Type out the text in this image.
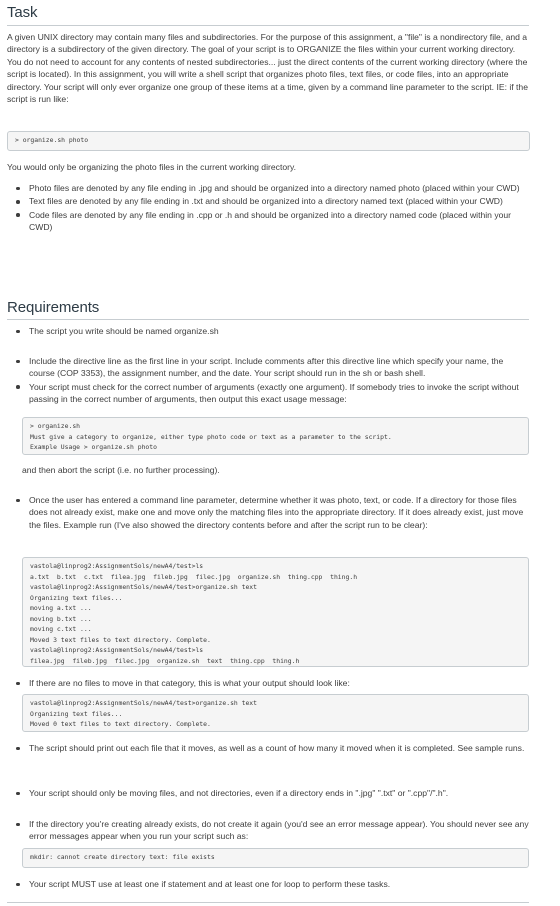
Task

A given UNIX directory may contain many files and subdirectories. For the purpose of this assignment, a "file" is a nondirectory file, and a directory is a subdirectory of the given directory. The goal of your script is to ORGANIZE the files within your current working directory. You do not need to account for any contents of nested subdirectories... just the direct contents of the current working directory (where the script is located). In this assignment, you will write a shell script that organizes photo files, text files, or code files, into an appropriate directory. Your script will only ever organize one group of these items at a time, given by a command line parameter to the script. IE: if the script is run like:

> organize.sh photo

You would only be organizing the photo files in the current working directory.

Photo files are denoted by any file ending in .jpg and should be organized into a directory named photo (placed within your CWD)
Text files are denoted by any file ending in .txt and should be organized into a directory named text (placed within your CWD)
Code files are denoted by any file ending in .cpp or .h and should be organized into a directory named code (placed within your CWD)
Requirements
The script you write should be named organize.sh
Include the directive line as the first line in your script. Include comments after this directive line which specify your name, the course (COP 3353), the assignment number, and the date. Your script should run in the sh or bash shell.
Your script must check for the correct number of arguments (exactly one argument). If somebody tries to invoke the script without passing in the correct number of arguments, then output this exact usage message:
> organize.sh
Must give a category to organize, either type photo code or text as a parameter to the script.
Example Usage > organize.sh photo

and then abort the script (i.e. no further processing).

Once the user has entered a command line parameter, determine whether it was photo, text, or code. If a directory for those files does not already exist, make one and move only the matching files into the appropriate directory. If it does already exist, just move the files. Example run (I've also showed the directory contents before and after the script run to be clear):
vastola@linprog2:AssignmentSols/newA4/test>ls
a.txt  b.txt  c.txt  filea.jpg  fileb.jpg  filec.jpg  organize.sh  thing.cpp  thing.h
vastola@linprog2:AssignmentSols/newA4/test>organize.sh text
Organizing text files...
moving a.txt ...
moving b.txt ...
moving c.txt ...
Moved 3 text files to text directory. Complete.
vastola@linprog2:AssignmentSols/newA4/test>ls
filea.jpg  fileb.jpg  filec.jpg  organize.sh  text  thing.cpp  thing.h
If there are no files to move in that category, this is what your output should look like:
vastola@linprog2:AssignmentSols/newA4/test>organize.sh text
Organizing text files...
Moved 0 text files to text directory. Complete.
The script should print out each file that it moves, as well as a count of how many it moved when it is completed. See sample runs.
Your script should only be moving files, and not directories, even if a directory ends in ".jpg" ".txt" or ".cpp"/".h".
If the directory you're creating already exists, do not create it again (you'd see an error message appear). You should never see any error messages appear when you run your script such as:
mkdir: cannot create directory text: file exists
Your script MUST use at least one if statement and at least one for loop to perform these tasks.
